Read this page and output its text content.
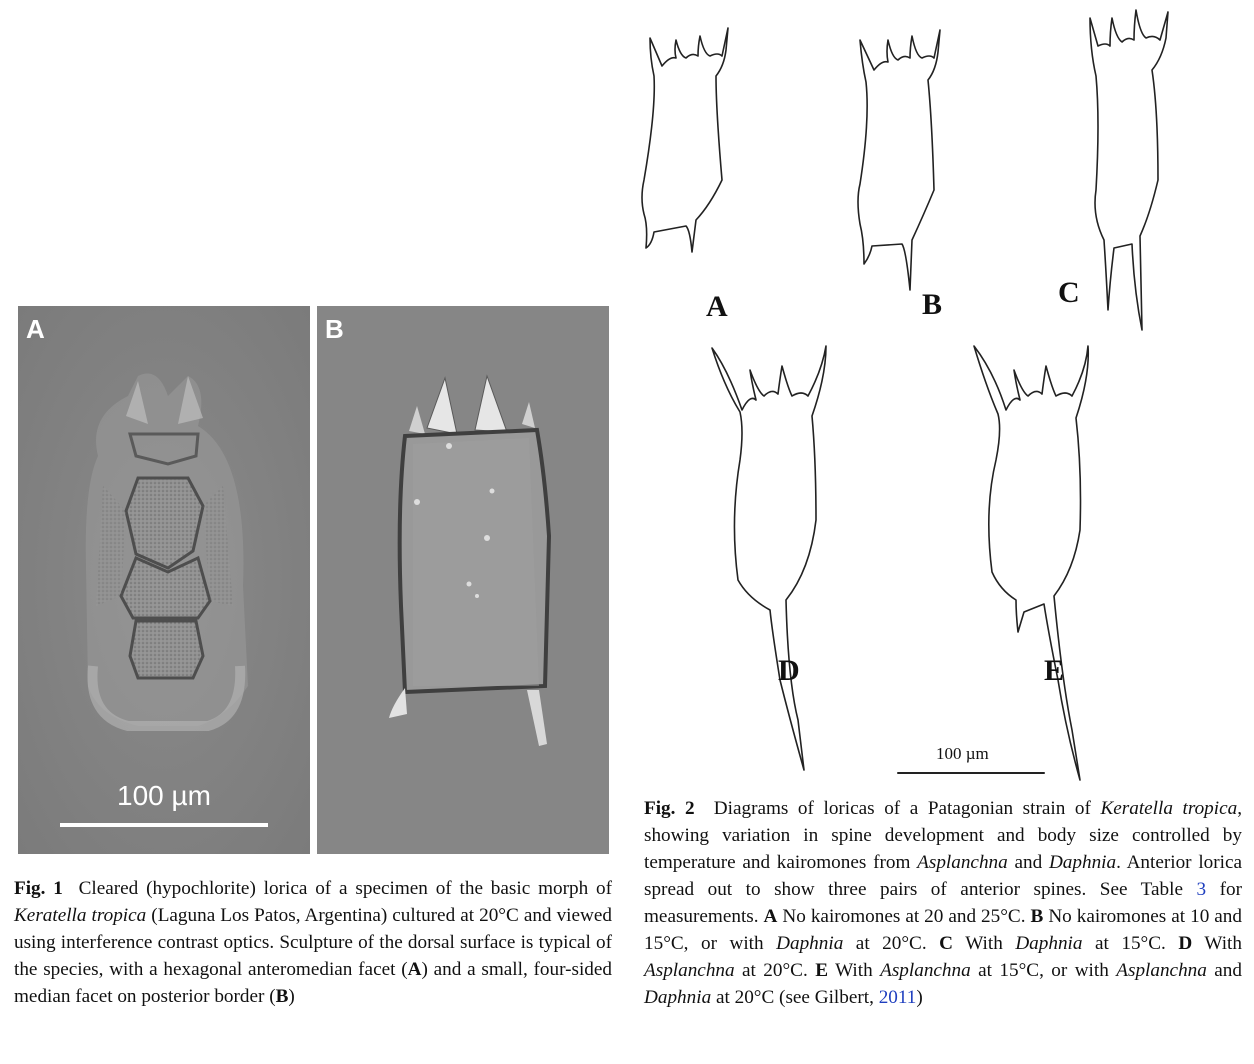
A
100 µm
B
A	B	C
D	E
100 µm
Fig. 1 Cleared (hypochlorite) lorica of a specimen of the basic morph of Keratella tropica (Laguna Los Patos, Argentina) cultured at 20°C and viewed using interference contrast optics. Sculpture of the dorsal surface is typical of the species, with a hexagonal anteromedian facet (A) and a small, four-sided median facet on posterior border (B)
Fig. 2 Diagrams of loricas of a Patagonian strain of Keratella tropica, showing variation in spine development and body size controlled by temperature and kairomones from Asplanchna and Daphnia. Anterior lorica spread out to show three pairs of anterior spines. See Table 3 for measurements. A No kairomones at 20 and 25°C. B No kairomones at 10 and 15°C, or with Daphnia at 20°C. C With Daphnia at 15°C. D With Asplanchna at 20°C. E With Asplanchna at 15°C, or with Asplanchna and Daphnia at 20°C (see Gilbert, 2011)
